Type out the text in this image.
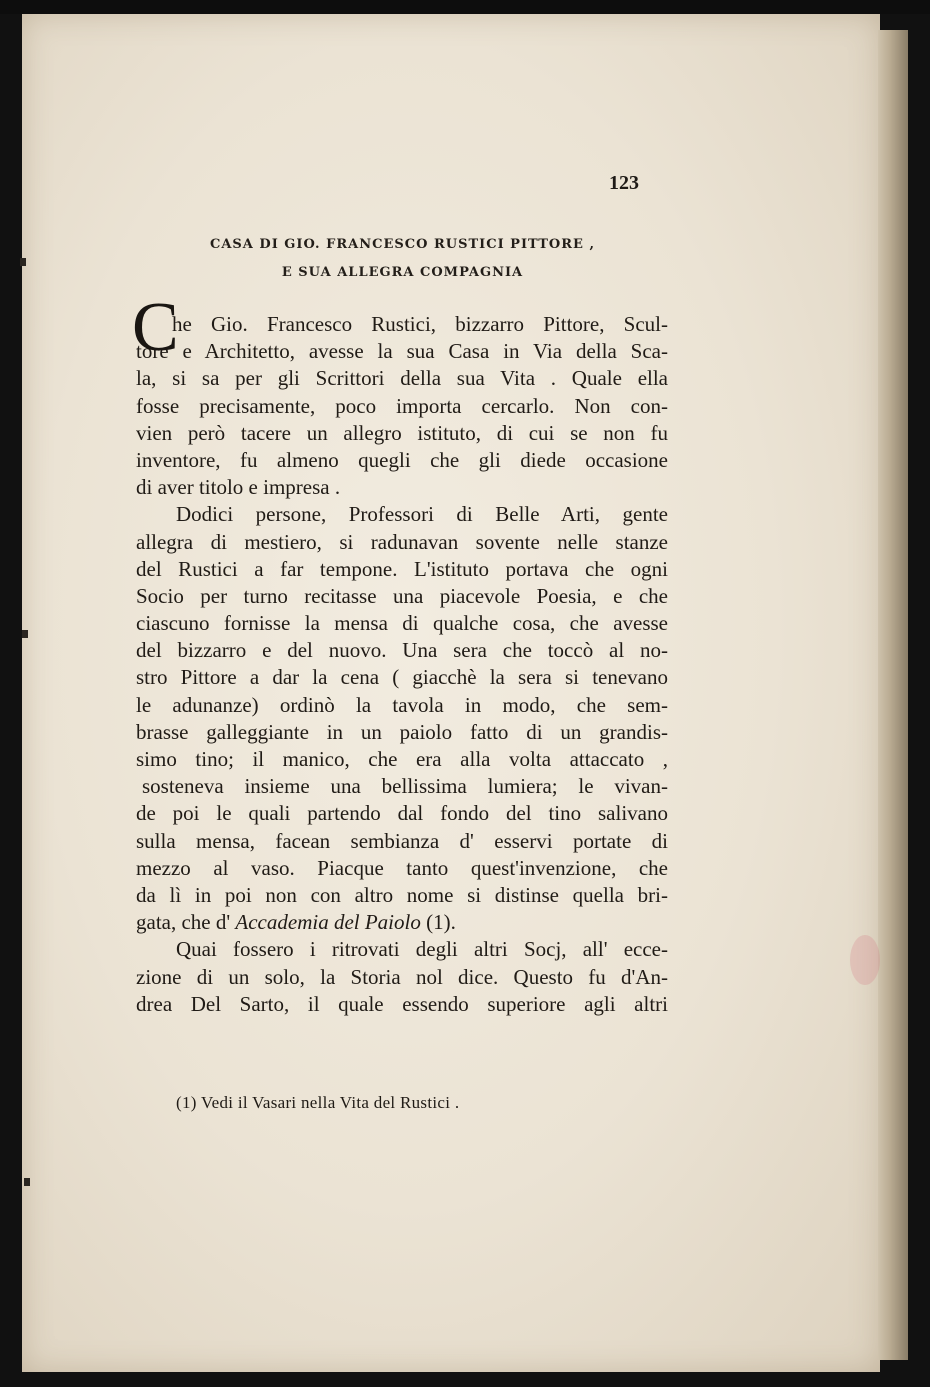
123
CASA DI GIO. FRANCESCO RUSTICI PITTORE ,
E SUA ALLEGRA COMPAGNIA
C
he Gio. Francesco Rustici, bizzarro Pittore, Scul-
tore e Architetto, avesse la sua Casa in Via della Sca-
la, si sa per gli Scrittori della sua Vita . Quale ella
fosse precisamente, poco importa cercarlo. Non con-
vien però tacere un allegro istituto, di cui se non fu
inventore, fu almeno quegli che gli diede occasione
di aver titolo e impresa .
Dodici persone, Professori di Belle Arti, gente
allegra di mestiero, si radunavan sovente nelle stanze
del Rustici a far tempone. L'istituto portava che ogni
Socio per turno recitasse una piacevole Poesia, e che
ciascuno fornisse la mensa di qualche cosa, che avesse
del bizzarro e del nuovo. Una sera che toccò al no-
stro Pittore a dar la cena ( giacchè la sera si tenevano
le adunanze) ordinò la tavola in modo, che sem-
brasse galleggiante in un paiolo fatto di un grandis-
simo tino; il manico, che era alla volta attaccato ,
sosteneva insieme una bellissima lumiera; le vivan-
de poi le quali partendo dal fondo del tino salivano
sulla mensa, facean sembianza d' esservi portate di
mezzo al vaso. Piacque tanto quest'invenzione, che
da lì in poi non con altro nome si distinse quella bri-
gata, che d' Accademia del Paiolo (1).
Quai fossero i ritrovati degli altri Socj, all' ecce-
zione di un solo, la Storia nol dice. Questo fu d'An-
drea Del Sarto, il quale essendo superiore agli altri
(1) Vedi il Vasari nella Vita del Rustici .
